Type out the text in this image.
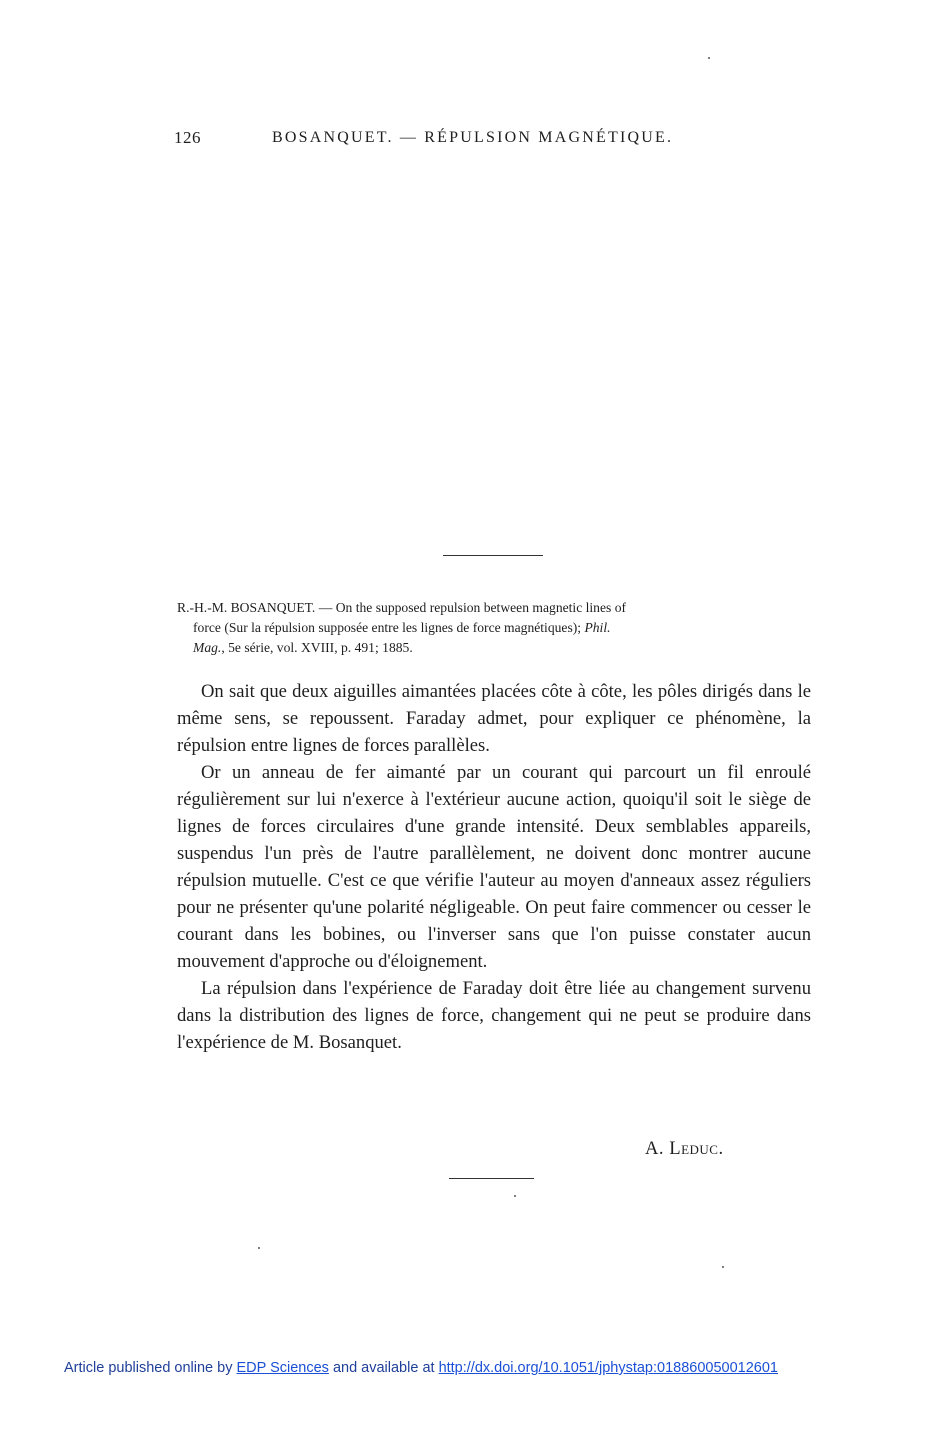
126	BOSANQUET. — RÉPULSION MAGNÉTIQUE.
R.-H.-M. BOSANQUET. — On the supposed repulsion between magnetic lines of
force (Sur la répulsion supposée entre les lignes de force magnétiques); Phil.
Mag., 5e série, vol. XVIII, p. 491; 1885.

On sait que deux aiguilles aimantées placées côte à côte, les pôles dirigés dans le même sens, se repoussent. Faraday admet, pour expliquer ce phénomène, la répulsion entre lignes de forces parallèles.

Or un anneau de fer aimanté par un courant qui parcourt un fil enroulé régulièrement sur lui n'exerce à l'extérieur aucune action, quoiqu'il soit le siège de lignes de forces circulaires d'une grande intensité. Deux semblables appareils, suspendus l'un près de l'autre parallèlement, ne doivent donc montrer aucune répulsion mutuelle. C'est ce que vérifie l'auteur au moyen d'anneaux assez réguliers pour ne présenter qu'une polarité négligeable. On peut faire commencer ou cesser le courant dans les bobines, ou l'inverser sans que l'on puisse constater aucun mouvement d'approche ou d'éloignement.

La répulsion dans l'expérience de Faraday doit être liée au changement survenu dans la distribution des lignes de force, changement qui ne peut se produire dans l'expérience de M. Bosanquet.

A. Leduc.
Article published online by EDP Sciences and available at http://dx.doi.org/10.1051/jphystap:018860050012601
